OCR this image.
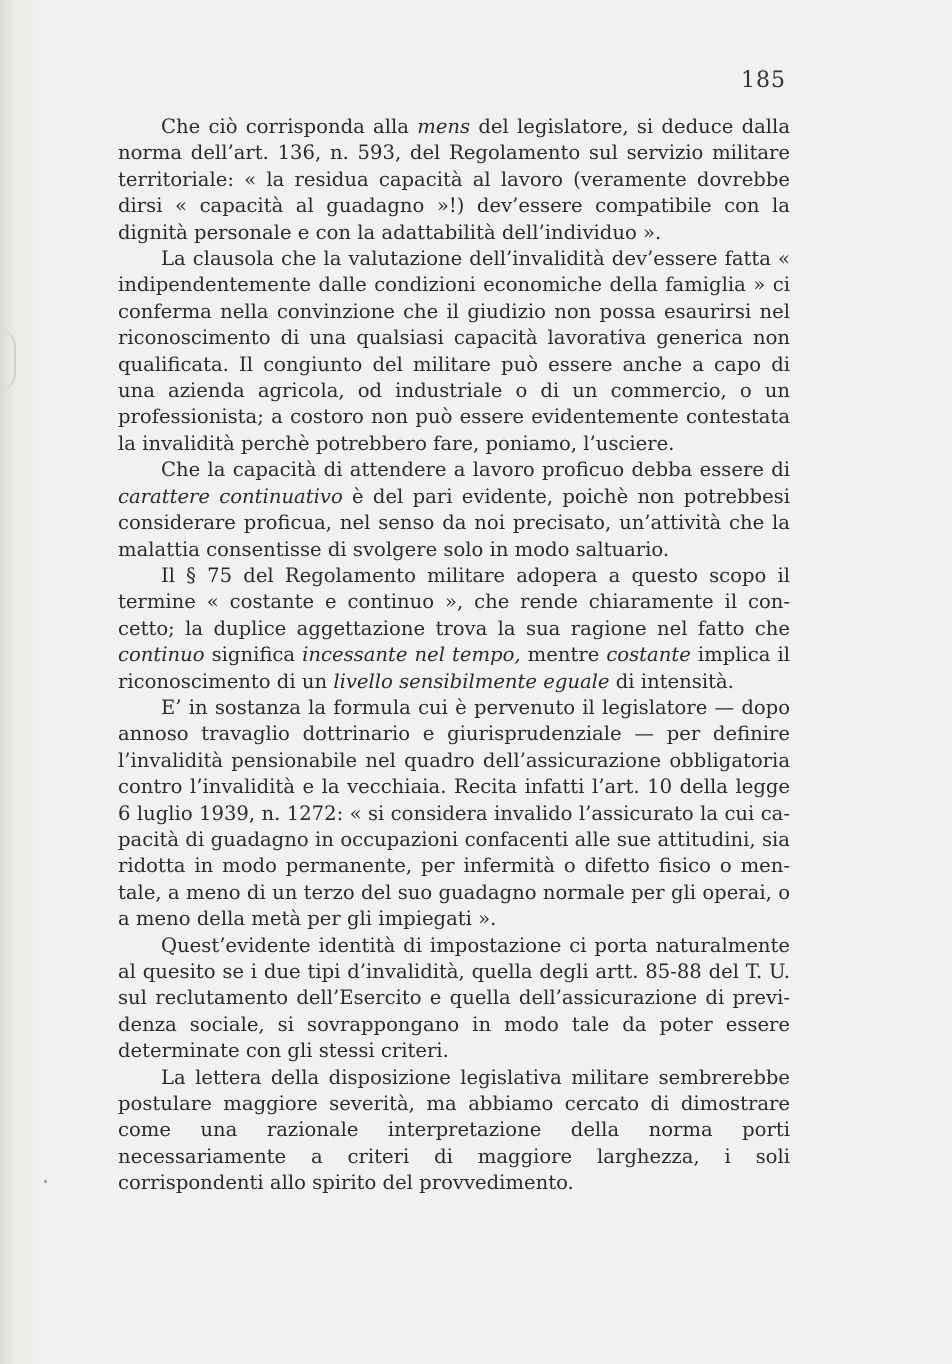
185

Che ciò corrisponda alla mens del legislatore, si deduce dalla norma dell’art. 136, n. 593, del Regolamento sul servizio militare territoriale: « la residua capacità al lavoro (veramente dovrebbe dirsi « capacità al guadagno »!) dev’essere compatibile con la dignità personale e con la adattabilità dell’individuo ».

La clausola che la valutazione dell’invalidità dev’essere fatta « indipendentemente dalle condizioni economiche della famiglia » ci conferma nella convinzione che il giudizio non possa esaurirsi nel riconoscimento di una qualsiasi capacità lavorativa generica non qualificata. Il congiunto del militare può essere anche a capo di una azienda agricola, od industriale o di un commercio, o un professionista; a costoro non può essere evidentemente contestata la invalidità perchè potrebbero fare, poniamo, l’usciere.

Che la capacità di attendere a lavoro proficuo debba essere di carattere continuativo è del pari evidente, poichè non potrebbesi considerare proficua, nel senso da noi precisato, un’attività che la malattia consentisse di svolgere solo in modo saltuario.

Il § 75 del Regolamento militare adopera a questo scopo il termine « costante e continuo », che rende chiaramente il concetto; la duplice aggettazione trova la sua ragione nel fatto che continuo significa incessante nel tempo, mentre costante implica il riconoscimento di un livello sensibilmente eguale di intensità.

E’ in sostanza la formula cui è pervenuto il legislatore — dopo annoso travaglio dottrinario e giurisprudenziale — per definire l’invalidità pensionabile nel quadro dell’assicurazione obbligatoria contro l’invalidità e la vecchiaia. Recita infatti l’art. 10 della legge 6 luglio 1939, n. 1272: « si considera invalido l’assicurato la cui capacità di guadagno in occupazioni confacenti alle sue attitudini, sia ridotta in modo permanente, per infermità o difetto fisico o mentale, a meno di un terzo del suo guadagno normale per gli operai, o a meno della metà per gli impiegati ».

Quest’evidente identità di impostazione ci porta naturalmente al quesito se i due tipi d’invalidità, quella degli artt. 85-88 del T. U. sul reclutamento dell’Esercito e quella dell’assicurazione di previdenza sociale, si sovrappongano in modo tale da poter essere determinate con gli stessi criteri.

La lettera della disposizione legislativa militare sembrerebbe postulare maggiore severità, ma abbiamo cercato di dimostrare come una razionale interpretazione della norma porti necessariamente a criteri di maggiore larghezza, i soli corrispondenti allo spirito del provvedimento.
